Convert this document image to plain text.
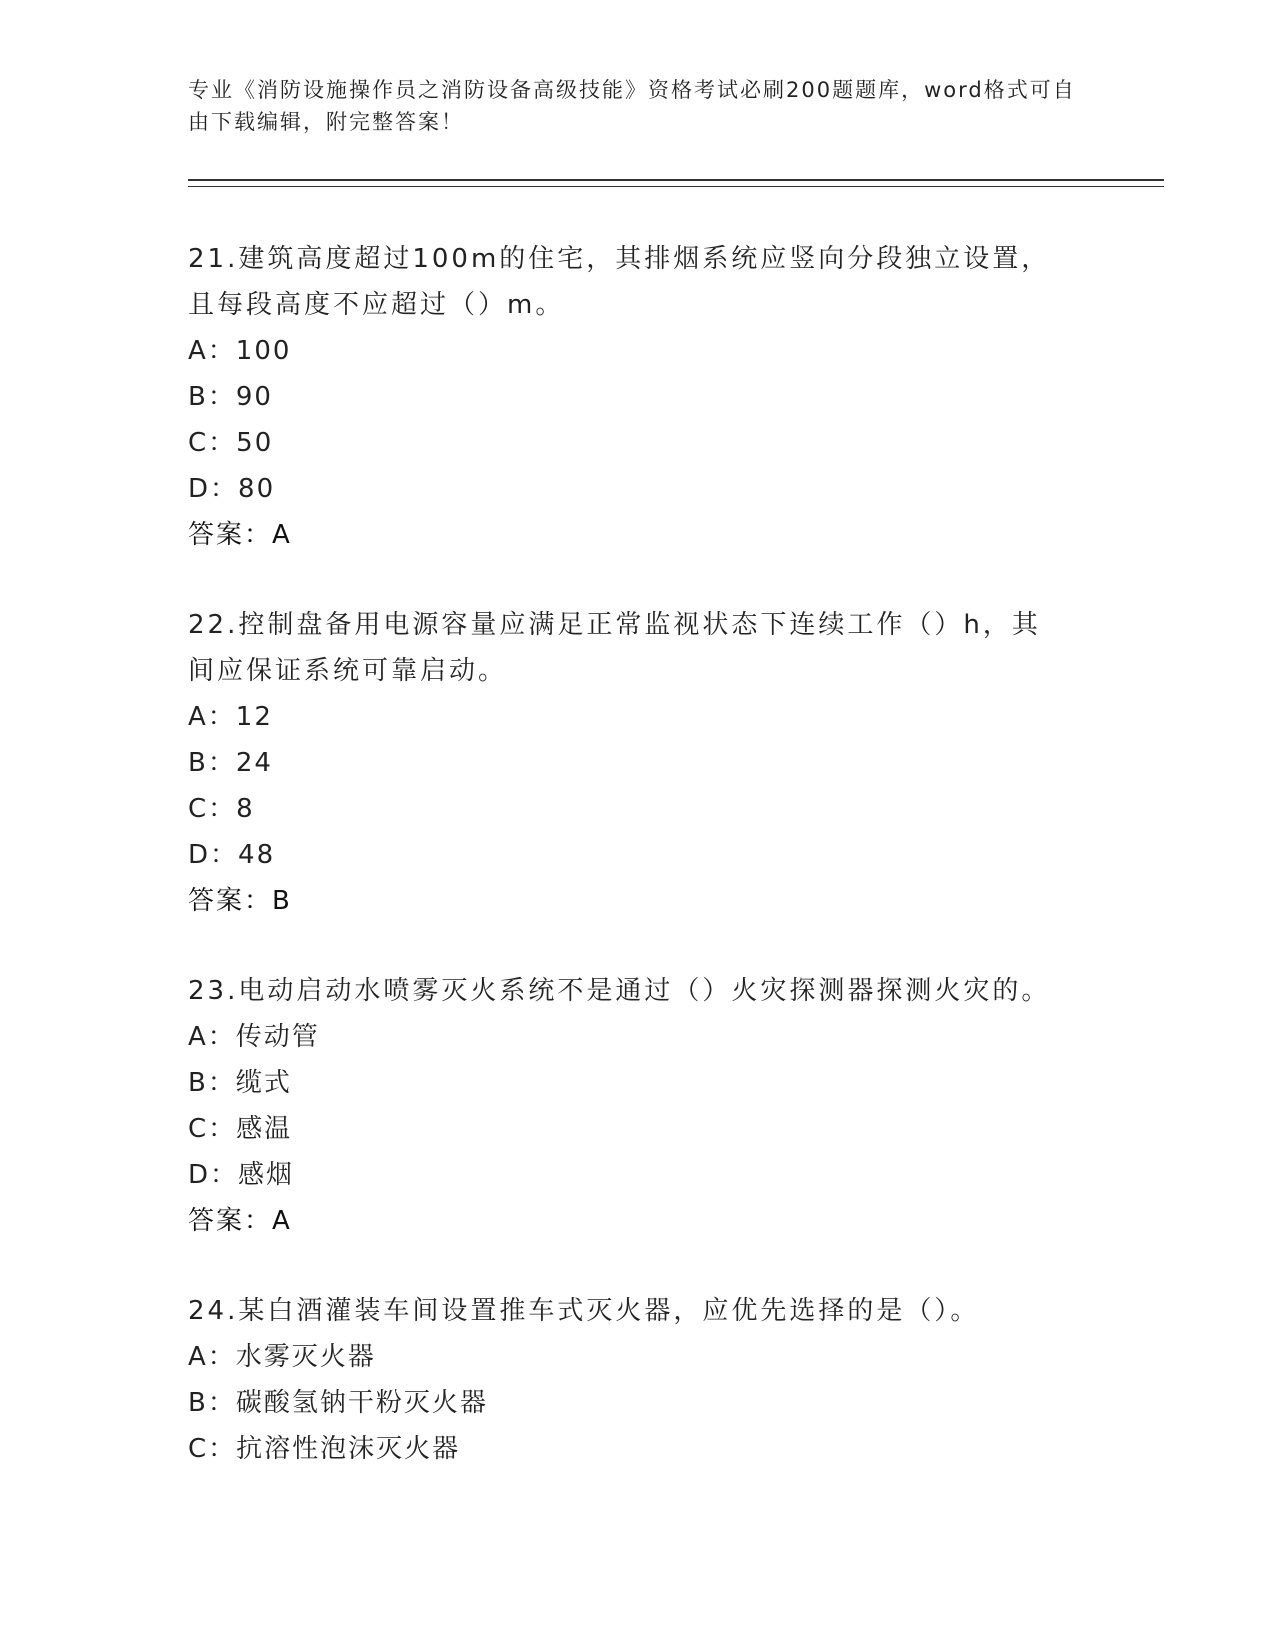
专业《消防设施操作员之消防设备高级技能》资格考试必刷200题题库，word格式可自由下载编辑，附完整答案！

21.建筑高度超过100m的住宅，其排烟系统应竖向分段独立设置，且每段高度不应超过（）m。

A：100

B：90

C：50

D：80

答案：A

22.控制盘备用电源容量应满足正常监视状态下连续工作（）h，其间应保证系统可靠启动。

A：12

B：24

C：8

D：48

答案：B

23.电动启动水喷雾灭火系统不是通过（）火灾探测器探测火灾的。

A：传动管

B：缆式

C：感温

D：感烟

答案：A

24.某白酒灌装车间设置推车式灭火器，应优先选择的是（）。

A：水雾灭火器

B：碳酸氢钠干粉灭火器

C：抗溶性泡沫灭火器
